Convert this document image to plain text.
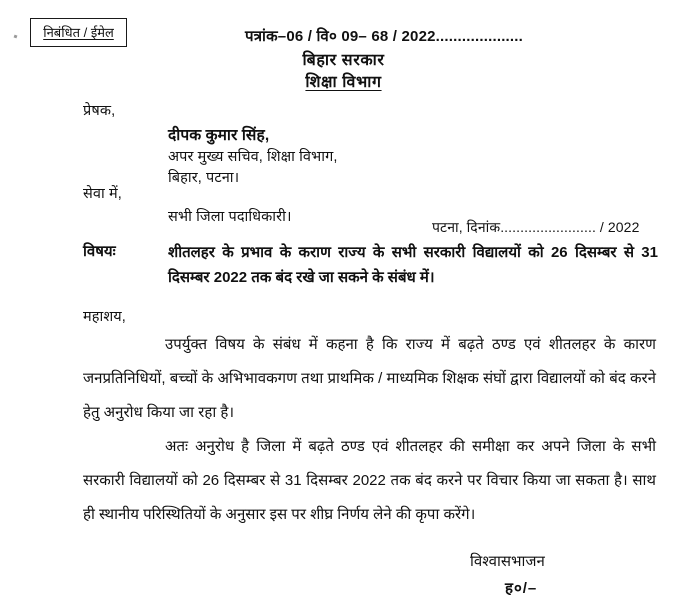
निबंधित / ईमेल	पत्रांक–06 / वि० 09– 68 / 2022....................
बिहार सरकार
शिक्षा विभाग
प्रेषक,
दीपक कुमार सिंह,
अपर मुख्य सचिव, शिक्षा विभाग,
बिहार, पटना।
सेवा में,
सभी जिला पदाधिकारी।
पटना, दिनांक........................ / 2022
विषयः	शीतलहर के प्रभाव के कराण राज्य के सभी सरकारी विद्यालयों को 26 दिसम्बर से 31 दिसम्बर 2022 तक बंद रखे जा सकने के संबंध में।
महाशय,
उपर्युक्त विषय के संबंध में कहना है कि राज्य में बढ़ते ठण्ड एवं शीतलहर के कारण जनप्रतिनिधियों, बच्चों के अभिभावकगण तथा प्राथमिक / माध्यमिक शिक्षक संघों द्वारा विद्यालयों को बंद करने हेतु अनुरोध किया जा रहा है।
अतः अनुरोध है जिला में बढ़ते ठण्ड एवं शीतलहर की समीक्षा कर अपने जिला के सभी सरकारी विद्यालयों को 26 दिसम्बर से 31 दिसम्बर 2022 तक बंद करने पर विचार किया जा सकता है। साथ ही स्थानीय परिस्थितियों के अनुसार इस पर शीघ्र निर्णय लेने की कृपा करेंगे।
विश्वासभाजन
ह०/–
